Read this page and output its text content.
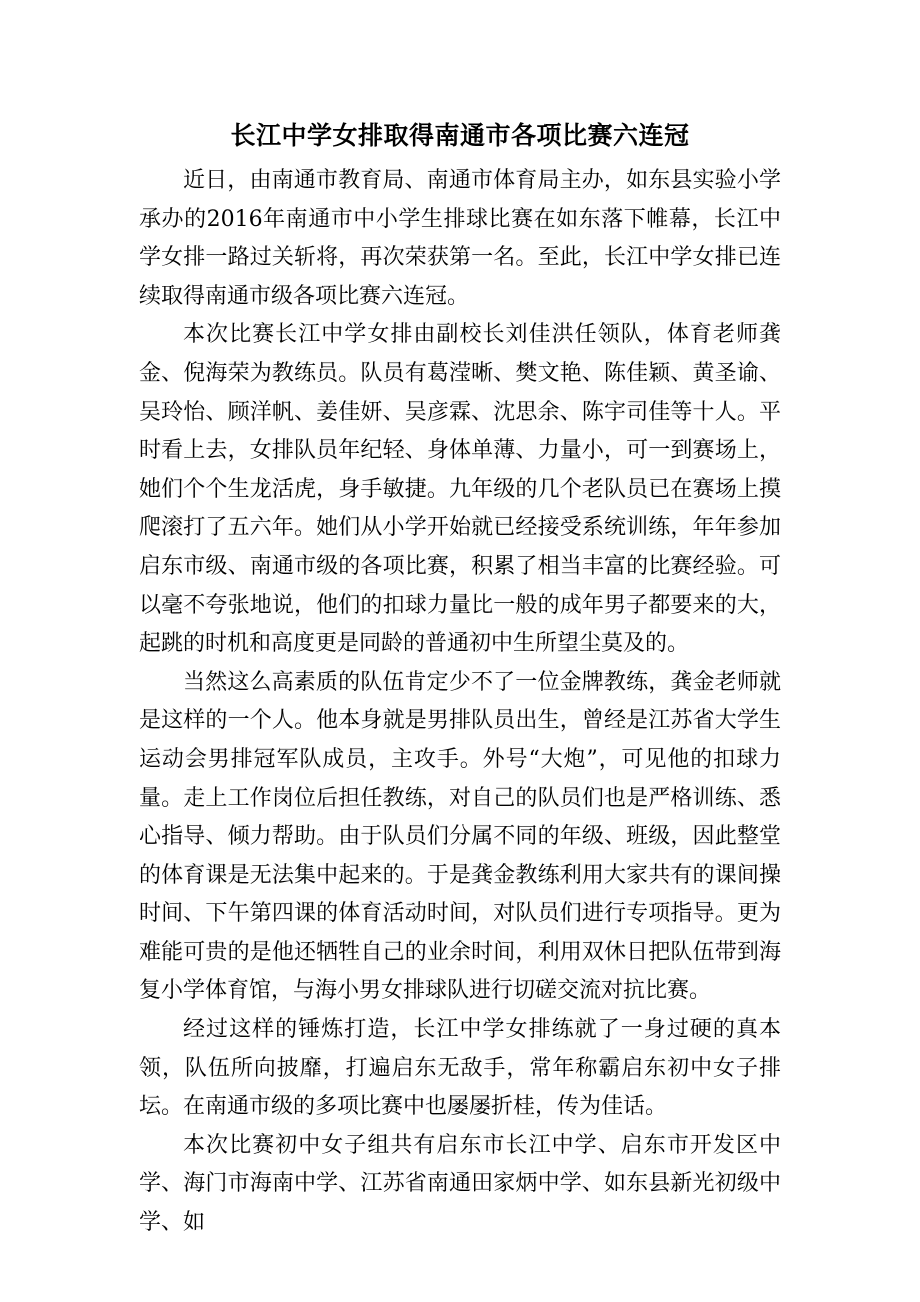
长江中学女排取得南通市各项比赛六连冠

近日，由南通市教育局、南通市体育局主办，如东县实验小学承办的2016年南通市中小学生排球比赛在如东落下帷幕，长江中学女排一路过关斩将，再次荣获第一名。至此，长江中学女排已连续取得南通市级各项比赛六连冠。

本次比赛长江中学女排由副校长刘佳洪任领队，体育老师龚金、倪海荣为教练员。队员有葛滢晰、樊文艳、陈佳颖、黄圣谕、吴玲怡、顾洋帆、姜佳妍、吴彦霖、沈思余、陈宇司佳等十人。平时看上去，女排队员年纪轻、身体单薄、力量小，可一到赛场上，她们个个生龙活虎，身手敏捷。九年级的几个老队员已在赛场上摸爬滚打了五六年。她们从小学开始就已经接受系统训练，年年参加启东市级、南通市级的各项比赛，积累了相当丰富的比赛经验。可以毫不夸张地说，他们的扣球力量比一般的成年男子都要来的大，起跳的时机和高度更是同龄的普通初中生所望尘莫及的。

当然这么高素质的队伍肯定少不了一位金牌教练，龚金老师就是这样的一个人。他本身就是男排队员出生，曾经是江苏省大学生运动会男排冠军队成员，主攻手。外号“大炮”，可见他的扣球力量。走上工作岗位后担任教练，对自己的队员们也是严格训练、悉心指导、倾力帮助。由于队员们分属不同的年级、班级，因此整堂的体育课是无法集中起来的。于是龚金教练利用大家共有的课间操时间、下午第四课的体育活动时间，对队员们进行专项指导。更为难能可贵的是他还牺牲自己的业余时间，利用双休日把队伍带到海复小学体育馆，与海小男女排球队进行切磋交流对抗比赛。

经过这样的锤炼打造，长江中学女排练就了一身过硬的真本领，队伍所向披靡，打遍启东无敌手，常年称霸启东初中女子排坛。在南通市级的多项比赛中也屡屡折桂，传为佳话。

本次比赛初中女子组共有启东市长江中学、启东市开发区中学、海门市海南中学、江苏省南通田家炳中学、如东县新光初级中学、如
